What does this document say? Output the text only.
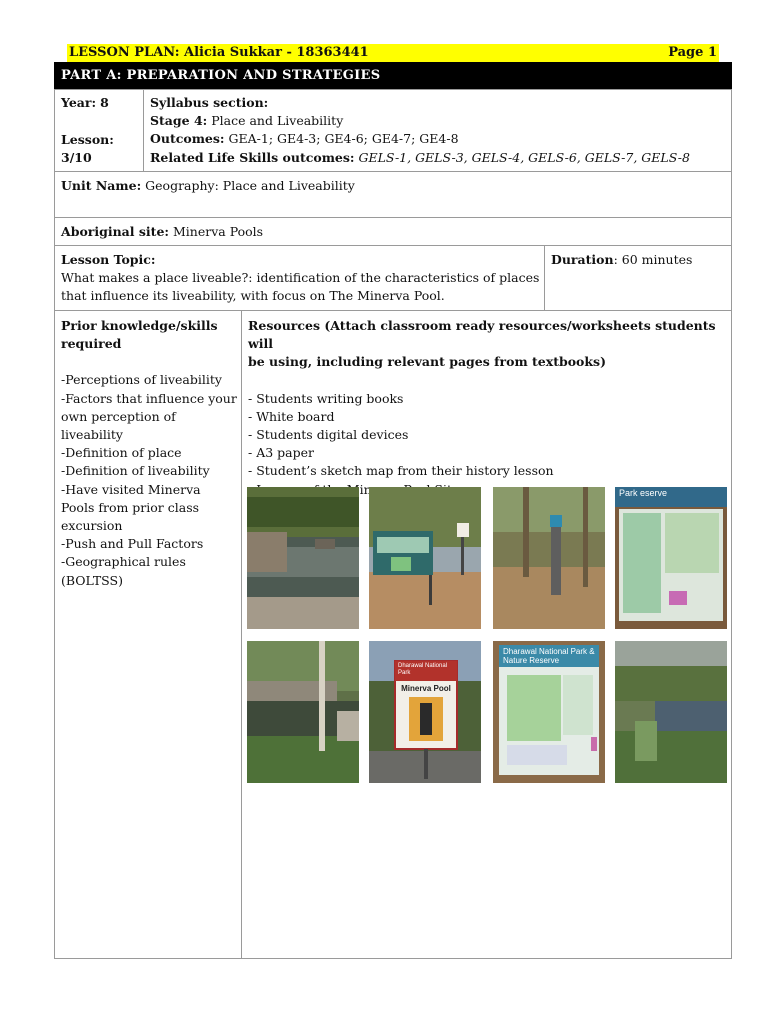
LESSON PLAN: Alicia Sukkar - 18363441	Page 1
PART A: PREPARATION AND STRATEGIES
Year: 8
Lesson:
3/10
Syllabus section:
Stage 4: Place and Liveability
Outcomes: GEA-1; GE4-3; GE4-6; GE4-7; GE4-8
Related Life Skills outcomes: GELS-1, GELS-3, GELS-4, GELS-6, GELS-7, GELS-8
Unit Name: Geography: Place and Liveability
Aboriginal site: Minerva Pools
Lesson Topic:
What makes a place liveable?: identification of the characteristics of places
that influence its liveability, with focus on The Minerva Pool.
Duration: 60 minutes
Prior knowledge/skills
required
-Perceptions of liveability
-Factors that influence your
own perception of
liveability
-Definition of place
-Definition of liveability
-Have visited Minerva
Pools from prior class
excursion
-Push and Pull Factors
-Geographical rules
(BOLTSS)
Resources (Attach classroom ready resources/worksheets students will
be using, including relevant pages from textbooks)
- Students writing books
- White board
- Students digital devices
- A3 paper
- Student’s sketch map from their history lesson
Park eserve
Dharawal National Park
Minerva Pool
Dharawal National Park & Nature Reserve
